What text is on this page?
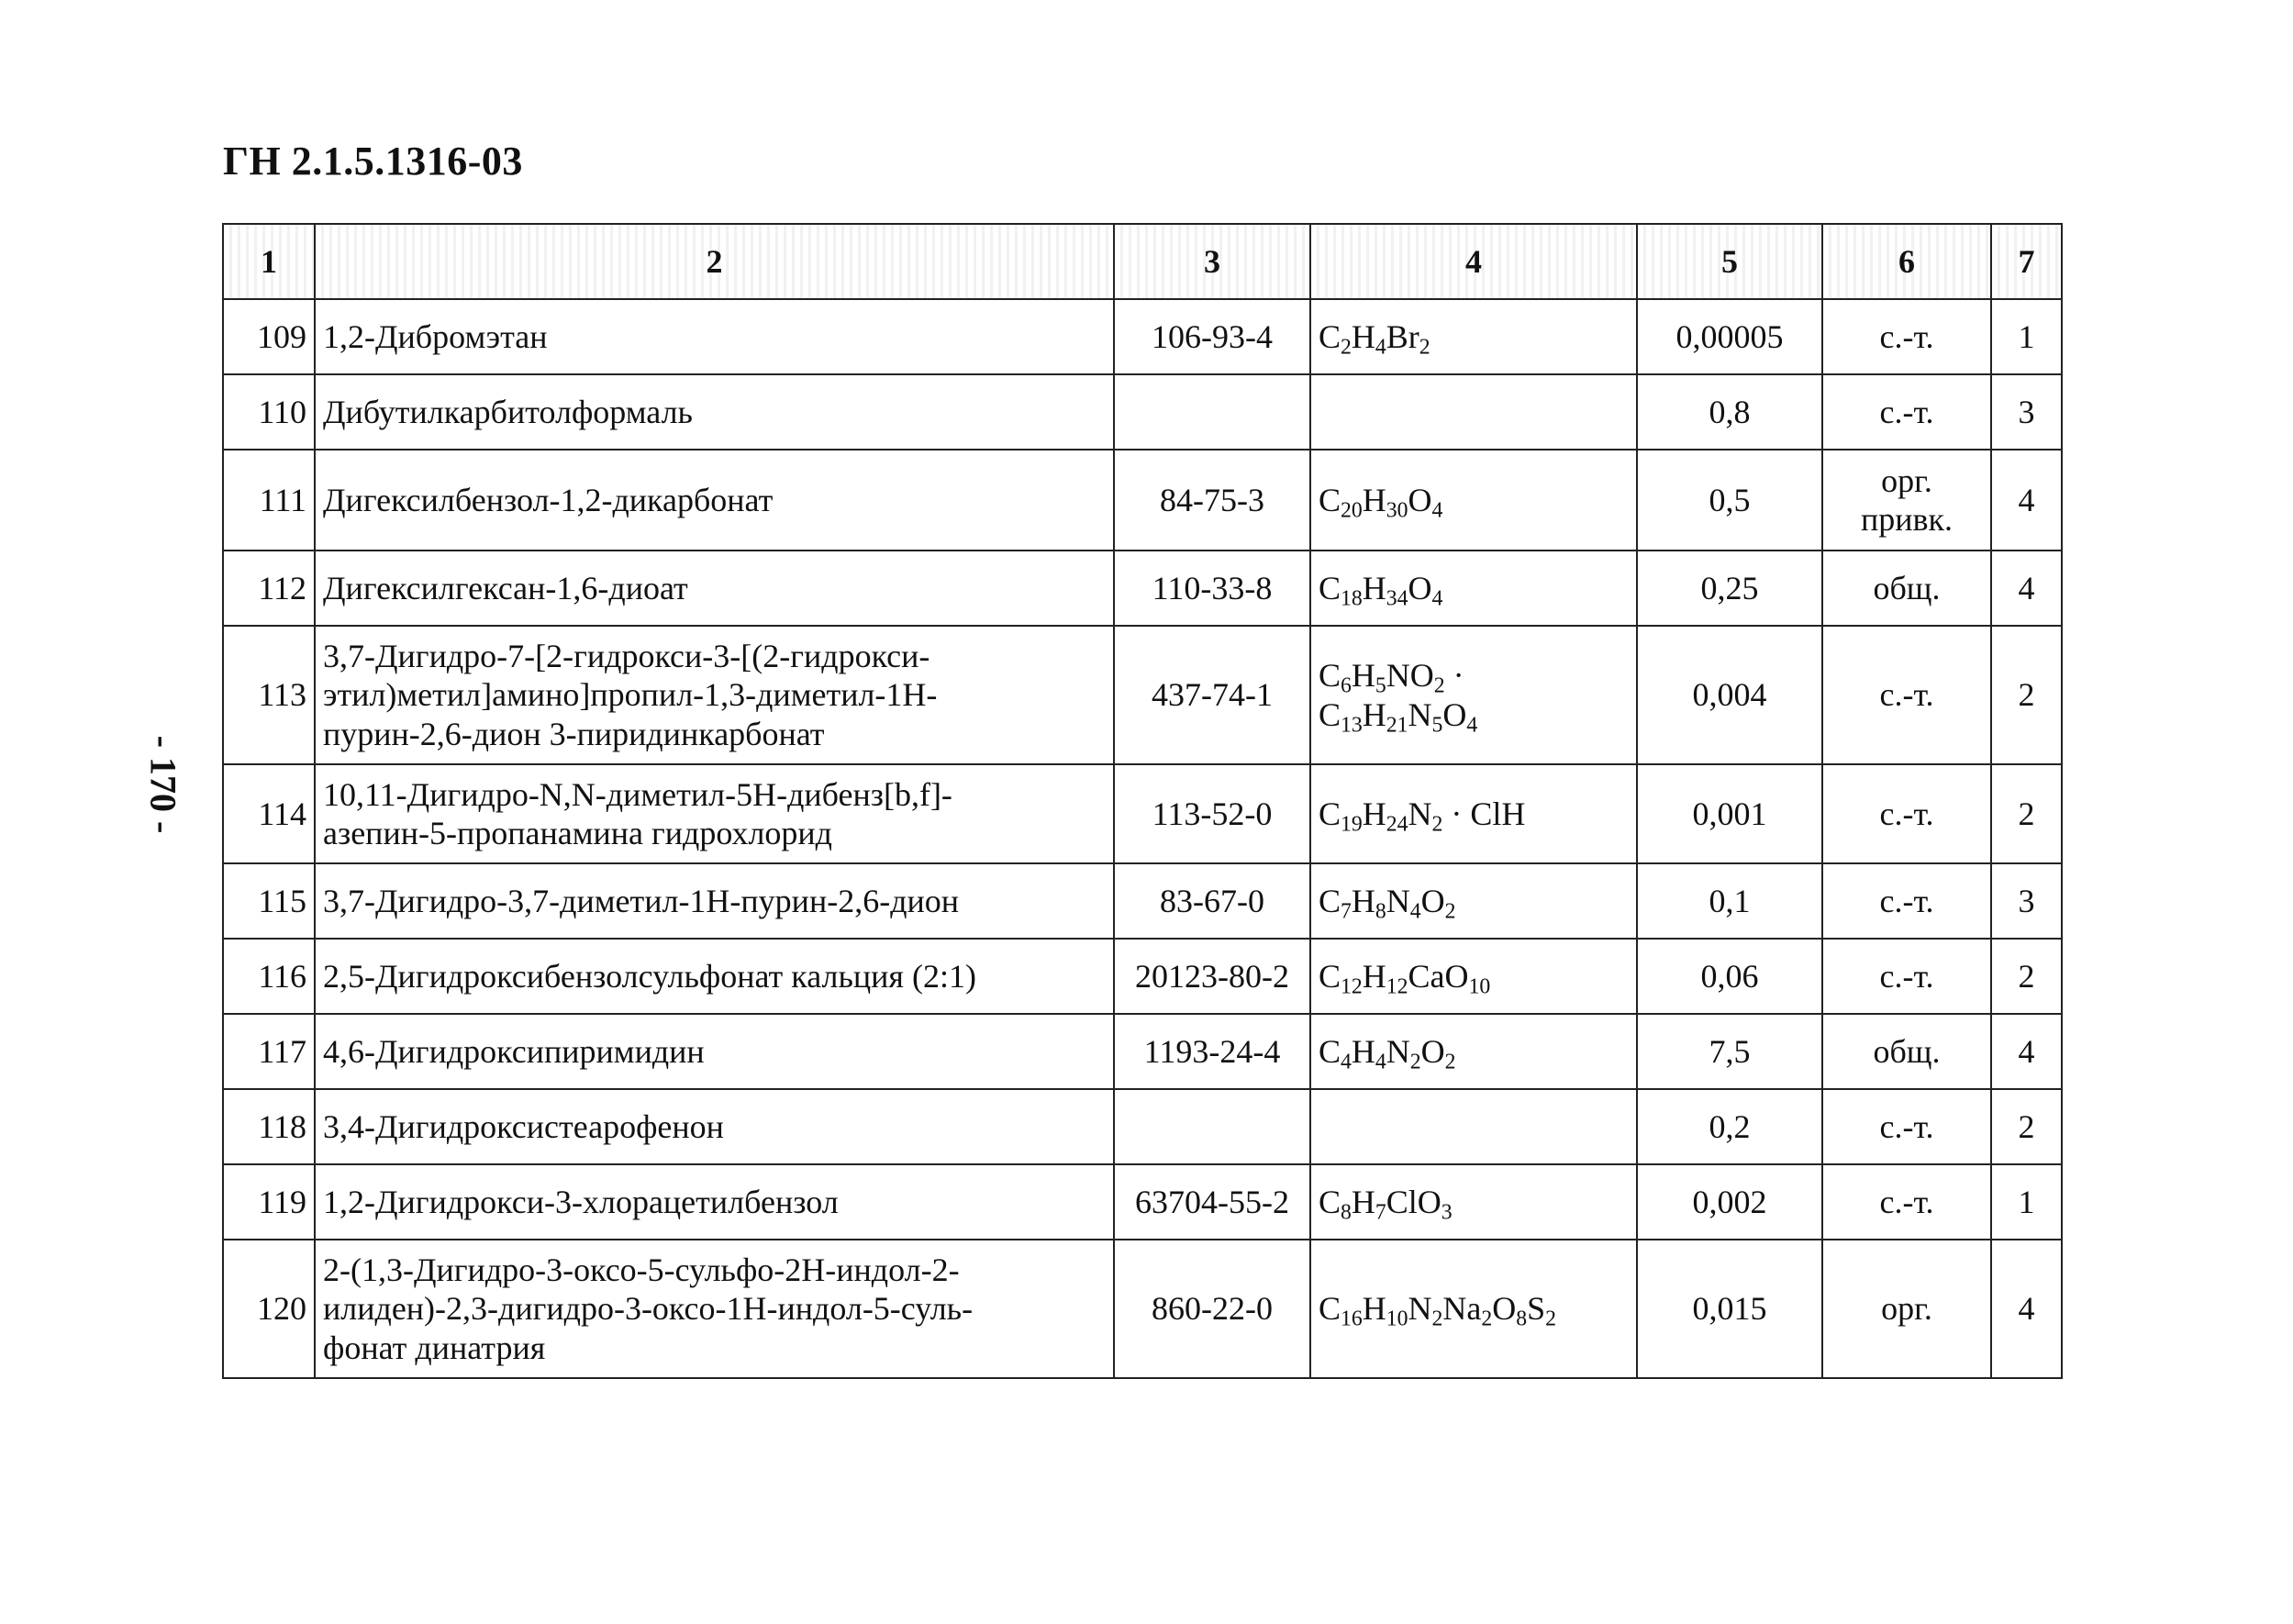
ГН 2.1.5.1316-03
- 170 -
1	2	3	4	5	6	7
109	1,2-Дибромэтан	106-93-4	$C_2H_4Br_2$	0,00005	с.-т.	1
110	Дибутилкарбитолформаль			0,8	с.-т.	3
111	Дигексилбензол-1,2-дикарбонат	84-75-3	$C_{20}H_{30}O_4$	0,5	орг.
привк.	4
112	Дигексилгексан-1,6-диоат	110-33-8	$C_{18}H_{34}O_4$	0,25	общ.	4
113	3,7-Дигидро-7-[2-гидрокси-3-[(2-гидрокси-
этил)метил]амино]пропил-1,3-диметил-1Н-
пурин-2,6-дион 3-пиридинкарбонат	437-74-1	$C_6H_5NO_2$ ·
$C_{13}H_{21}N_5O_4$	0,004	с.-т.	2
114	10,11-Дигидро-N,N-диметил-5Н-дибенз[b,f]-
азепин-5-пропанамина гидрохлорид	113-52-0	$C_{19}H_{24}N_2$ · ClH	0,001	с.-т.	2
115	3,7-Дигидро-3,7-диметил-1Н-пурин-2,6-дион	83-67-0	$C_7H_8N_4O_2$	0,1	с.-т.	3
116	2,5-Дигидроксибензолсульфонат кальция (2:1)	20123-80-2	$C_{12}H_{12}CaO_{10}$	0,06	с.-т.	2
117	4,6-Дигидроксипиримидин	1193-24-4	$C_4H_4N_2O_2$	7,5	общ.	4
118	3,4-Дигидроксистеарофенон			0,2	с.-т.	2
119	1,2-Дигидрокси-3-хлорацетилбензол	63704-55-2	$C_8H_7ClO_3$	0,002	с.-т.	1
120	2-(1,3-Дигидро-3-оксо-5-сульфо-2Н-индол-2-
илиден)-2,3-дигидро-3-оксо-1Н-индол-5-суль-
фонат динатрия	860-22-0	$C_{16}H_{10}N_2Na_2O_8S_2$	0,015	орг.	4
